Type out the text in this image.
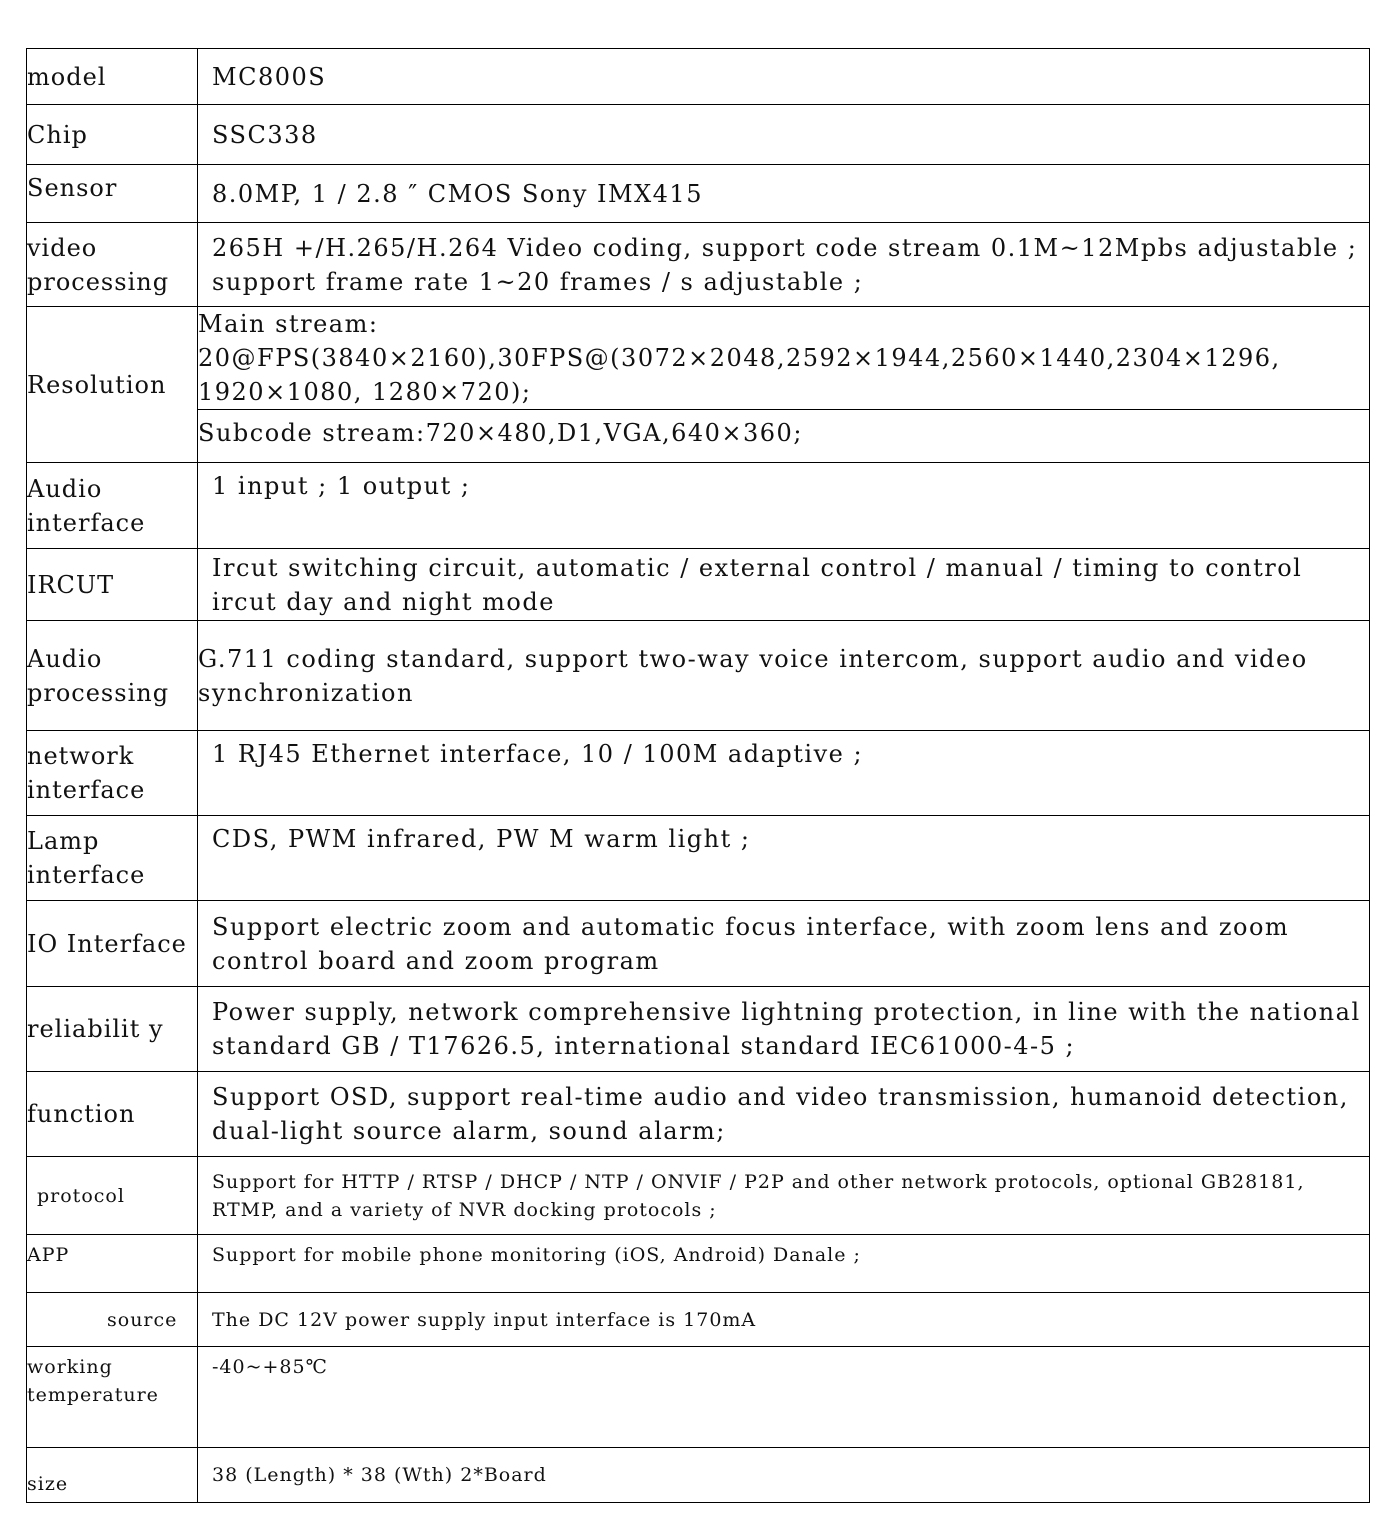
model	MC800S
Chip	SSC338
Sensor	8.0MP, 1 / 2.8 ″ CMOS Sony IMX415
video processing	265H +/H.265/H.264 Video coding, support code stream 0.1M~12Mpbs adjustable ; support frame rate 1~20 frames / s adjustable ;
Resolution	Main stream: 20@FPS(3840×2160),30FPS@(3072×2048,2592×1944,2560×1440,2304×1296, 1920×1080, 1280×720);
	Subcode stream:720×480,D1,VGA,640×360;
Audio interface	1 input ; 1 output ;
IRCUT	Ircut switching circuit, automatic / external control / manual / timing to control ircut day and night mode
Audio processing	G.711 coding standard, support two-way voice intercom, support audio and video synchronization
network interface	1 RJ45 Ethernet interface, 10 / 100M adaptive ;
Lamp interface	CDS, PWM infrared, PW M warm light ;
IO Interface	Support electric zoom and automatic focus interface, with zoom lens and zoom control board and zoom program
reliabilit y	Power supply, network comprehensive lightning protection, in line with the national standard GB / T17626.5, international standard IEC61000-4-5 ;
function	Support OSD, support real-time audio and video transmission, humanoid detection, dual-light source alarm, sound alarm;
protocol	Support for HTTP / RTSP / DHCP / NTP / ONVIF / P2P and other network protocols, optional GB28181, RTMP, and a variety of NVR docking protocols ;
APP	Support for mobile phone monitoring (iOS, Android) Danale ;
source	The DC 12V power supply input interface is 170mA
working temperature	-40~+85℃
size	38 (Length) * 38 (Wth) 2*Board
